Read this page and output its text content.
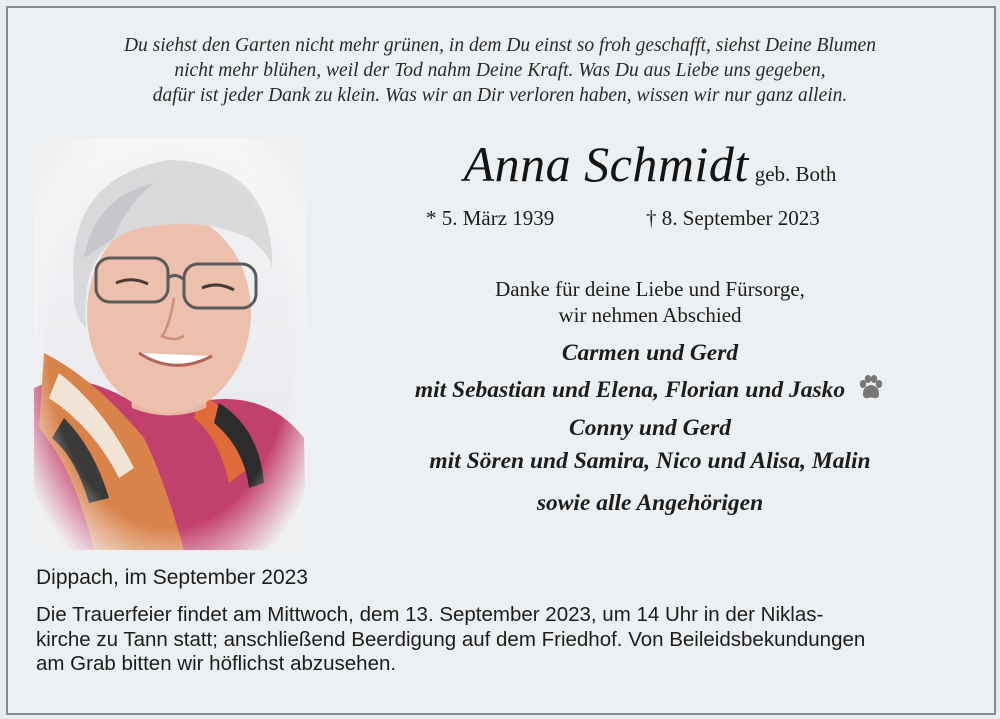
Du siehst den Garten nicht mehr grünen, in dem Du einst so froh geschafft, siehst Deine Blumen
nicht mehr blühen, weil der Tod nahm Deine Kraft. Was Du aus Liebe uns gegeben,
dafür ist jeder Dank zu klein. Was wir an Dir verloren haben, wissen wir nur ganz allein.
Anna Schmidt geb. Both
* 5. März 1939	† 8. September 2023
Danke für deine Liebe und Fürsorge,
wir nehmen Abschied
Carmen und Gerd
mit Sebastian und Elena, Florian und Jasko
Conny und Gerd
mit Sören und Samira, Nico und Alisa, Malin
sowie alle Angehörigen
Dippach, im September 2023
Die Trauerfeier findet am Mittwoch, dem 13. September 2023, um 14 Uhr in der Niklas-
kirche zu Tann statt; anschließend Beerdigung auf dem Friedhof. Von Beileidsbekundungen
am Grab bitten wir höflichst abzusehen.
